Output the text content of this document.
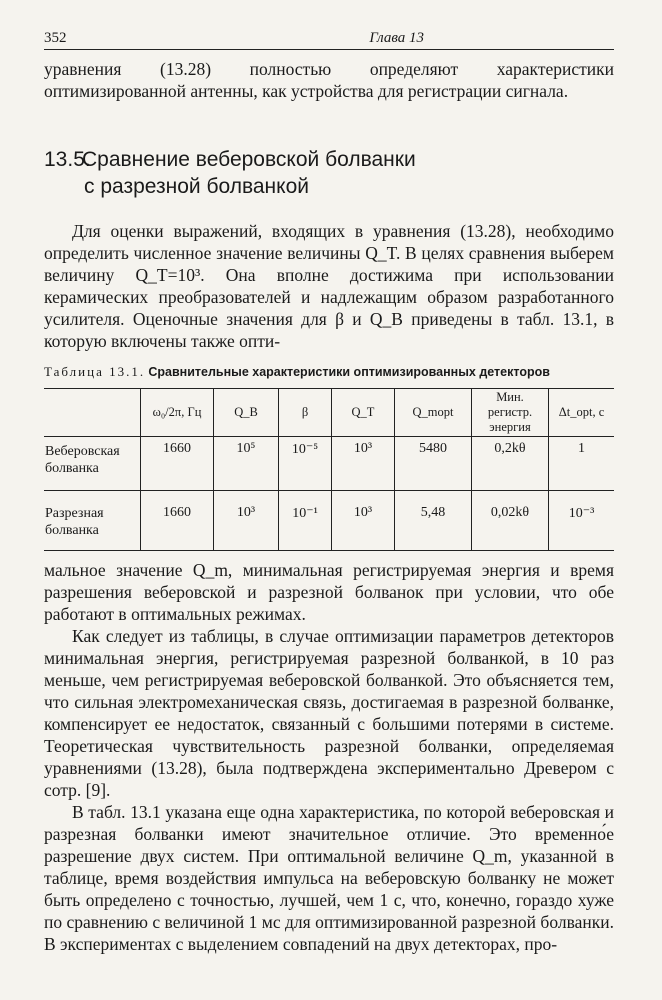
352	Глава 13

уравнения (13.28) полностью определяют характеристики оптимизированной антенны, как устройства для регистрации сигнала.

13.5.Сравнение веберовской болванки
с разрезной болванкой

Для оценки выражений, входящих в уравнения (13.28), необходимо определить численное значение величины Q_T. В целях сравнения выберем величину Q_T=10³. Она вполне достижима при использовании керамических преобразователей и надлежащим образом разработанного усилителя. Оценочные значения для β и Q_B приведены в табл. 13.1, в которую включены также опти-

Таблица 13.1. Сравнительные характеристики оптимизированных детекторов
	ω₀/2π, Гц	Q_B	β	Q_T	Q_mopt	Мин. регистр. энергия	Δt_opt, с
Веберовская болванка	1660	10⁵	10⁻⁵	10³	5480	0,2kθ	1
Разрезная болванка	1660	10³	10⁻¹	10³	5,48	0,02kθ	10⁻³

мальное значение Q_m, минимальная регистрируемая энергия и время разрешения веберовской и разрезной болванок при условии, что обе работают в оптимальных режимах.

Как следует из таблицы, в случае оптимизации параметров детекторов минимальная энергия, регистрируемая разрезной болванкой, в 10 раз меньше, чем регистрируемая веберовской болванкой. Это объясняется тем, что сильная электромеханическая связь, достигаемая в разрезной болванке, компенсирует ее недостаток, связанный с большими потерями в системе. Теоретическая чувствительность разрезной болванки, определяемая уравнениями (13.28), была подтверждена экспериментально Древером с сотр. [9].

В табл. 13.1 указана еще одна характеристика, по которой веберовская и разрезная болванки имеют значительное отличие. Это временно́е разрешение двух систем. При оптимальной величине Q_m, указанной в таблице, время воздействия импульса на веберовскую болванку не может быть определено с точностью, лучшей, чем 1 с, что, конечно, гораздо хуже по сравнению с величиной 1 мс для оптимизированной разрезной болванки. В экспериментах с выделением совпадений на двух детекторах, про-
